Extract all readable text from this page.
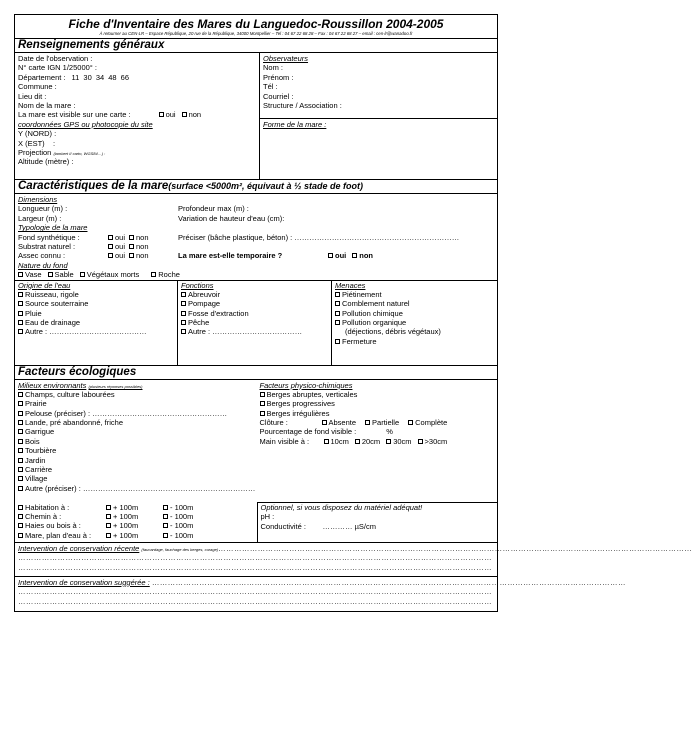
Fiche d'Inventaire des Mares du Languedoc-Roussillon 2004-2005
À retourner au CEN-LR – Espace République, 20 rue de la République, 34000 Montpellier – Tel : 04 67 22 68 28 – Fax : 04 67 22 68 27 – email : cen-lr@wanadoo.fr
Renseignements généraux
Date de l'observation :
N° carte IGN 1/25000° :
Département : 11 30 34 48 66
Commune :
Lieu dit :
Nom de la mare :
La mare est visible sur une carte :	oui non
coordonnées GPS ou photocopie du site
Y (NORD) :
X (EST)    :
Projection (lambert II carto, WGS84…) :
Altitude (mètre) :
Observateurs
Nom :
Prénom :
Tél :
Courriel :
Structure / Association :
Forme de la mare :
Caractéristiques de la mare(surface <5000m², équivaut à ½ stade de foot)
Dimensions
Longueur (m) :
Largeur (m) :
Profondeur max (m) :
Variation de hauteur d'eau (cm):
Typologie de la mare
Fond synthétique :	oui non
Substrat naturel :	oui non
Assec connu :	oui non
Préciser (bâche plastique, béton) : …………………………………………………………
La mare est-elle temporaire ?	oui non
Nature du fond
Vase Sable Végétaux morts	Roche
Origine de l'eau
Ruisseau, rigole
Source souterraine
Pluie
Eau de drainage
Autre : …………………………………
Fonctions
Abreuvoir
Pompage
Fosse d'extraction
Pêche
Autre : ………………………………
Menaces
Piétinement
Comblement naturel
Pollution chimique
Pollution organique
(déjections, débris végétaux)
Fermeture
Facteurs écologiques
Milieux environnants (plusieurs réponses possibles)
Champs, culture labourées
Prairie
Pelouse (préciser) : ………………………………………………
Lande, pré abandonné, friche
Garrigue
Bois
Tourbière
Jardin
Carrière
Village
Facteurs physico-chimiques
Berges abruptes, verticales
Berges progressives
Berges irrégulières
Clôture :	Absente Partielle Complète
Pourcentage de fond visible :	%
Main visible à :	10cm 20cm 30cm >30cm
Autre (préciser) : ……………………………………………………………
Habitation à :	+ 100m	- 100m
Chemin à :	+ 100m	- 100m
Haies ou bois à :	+ 100m	- 100m
Mare, plan d'eau à :	+ 100m	- 100m
Optionnel, si vous disposez du matériel adéquat!
pH :
Conductivité : ………… µS/cm
Intervention de conservation récente (faucardage, fauchage des berges, curage)………………………………………………………………………………………………………………………………………………………………
………………………………………………………………………………………………………………………………………………………………
………………………………………………………………………………………………………………………………………………………………
Intervention de conservation suggérée : ………………………………………………………………………………………………………………………………………………………………
………………………………………………………………………………………………………………………………………………………………
………………………………………………………………………………………………………………………………………………………………
